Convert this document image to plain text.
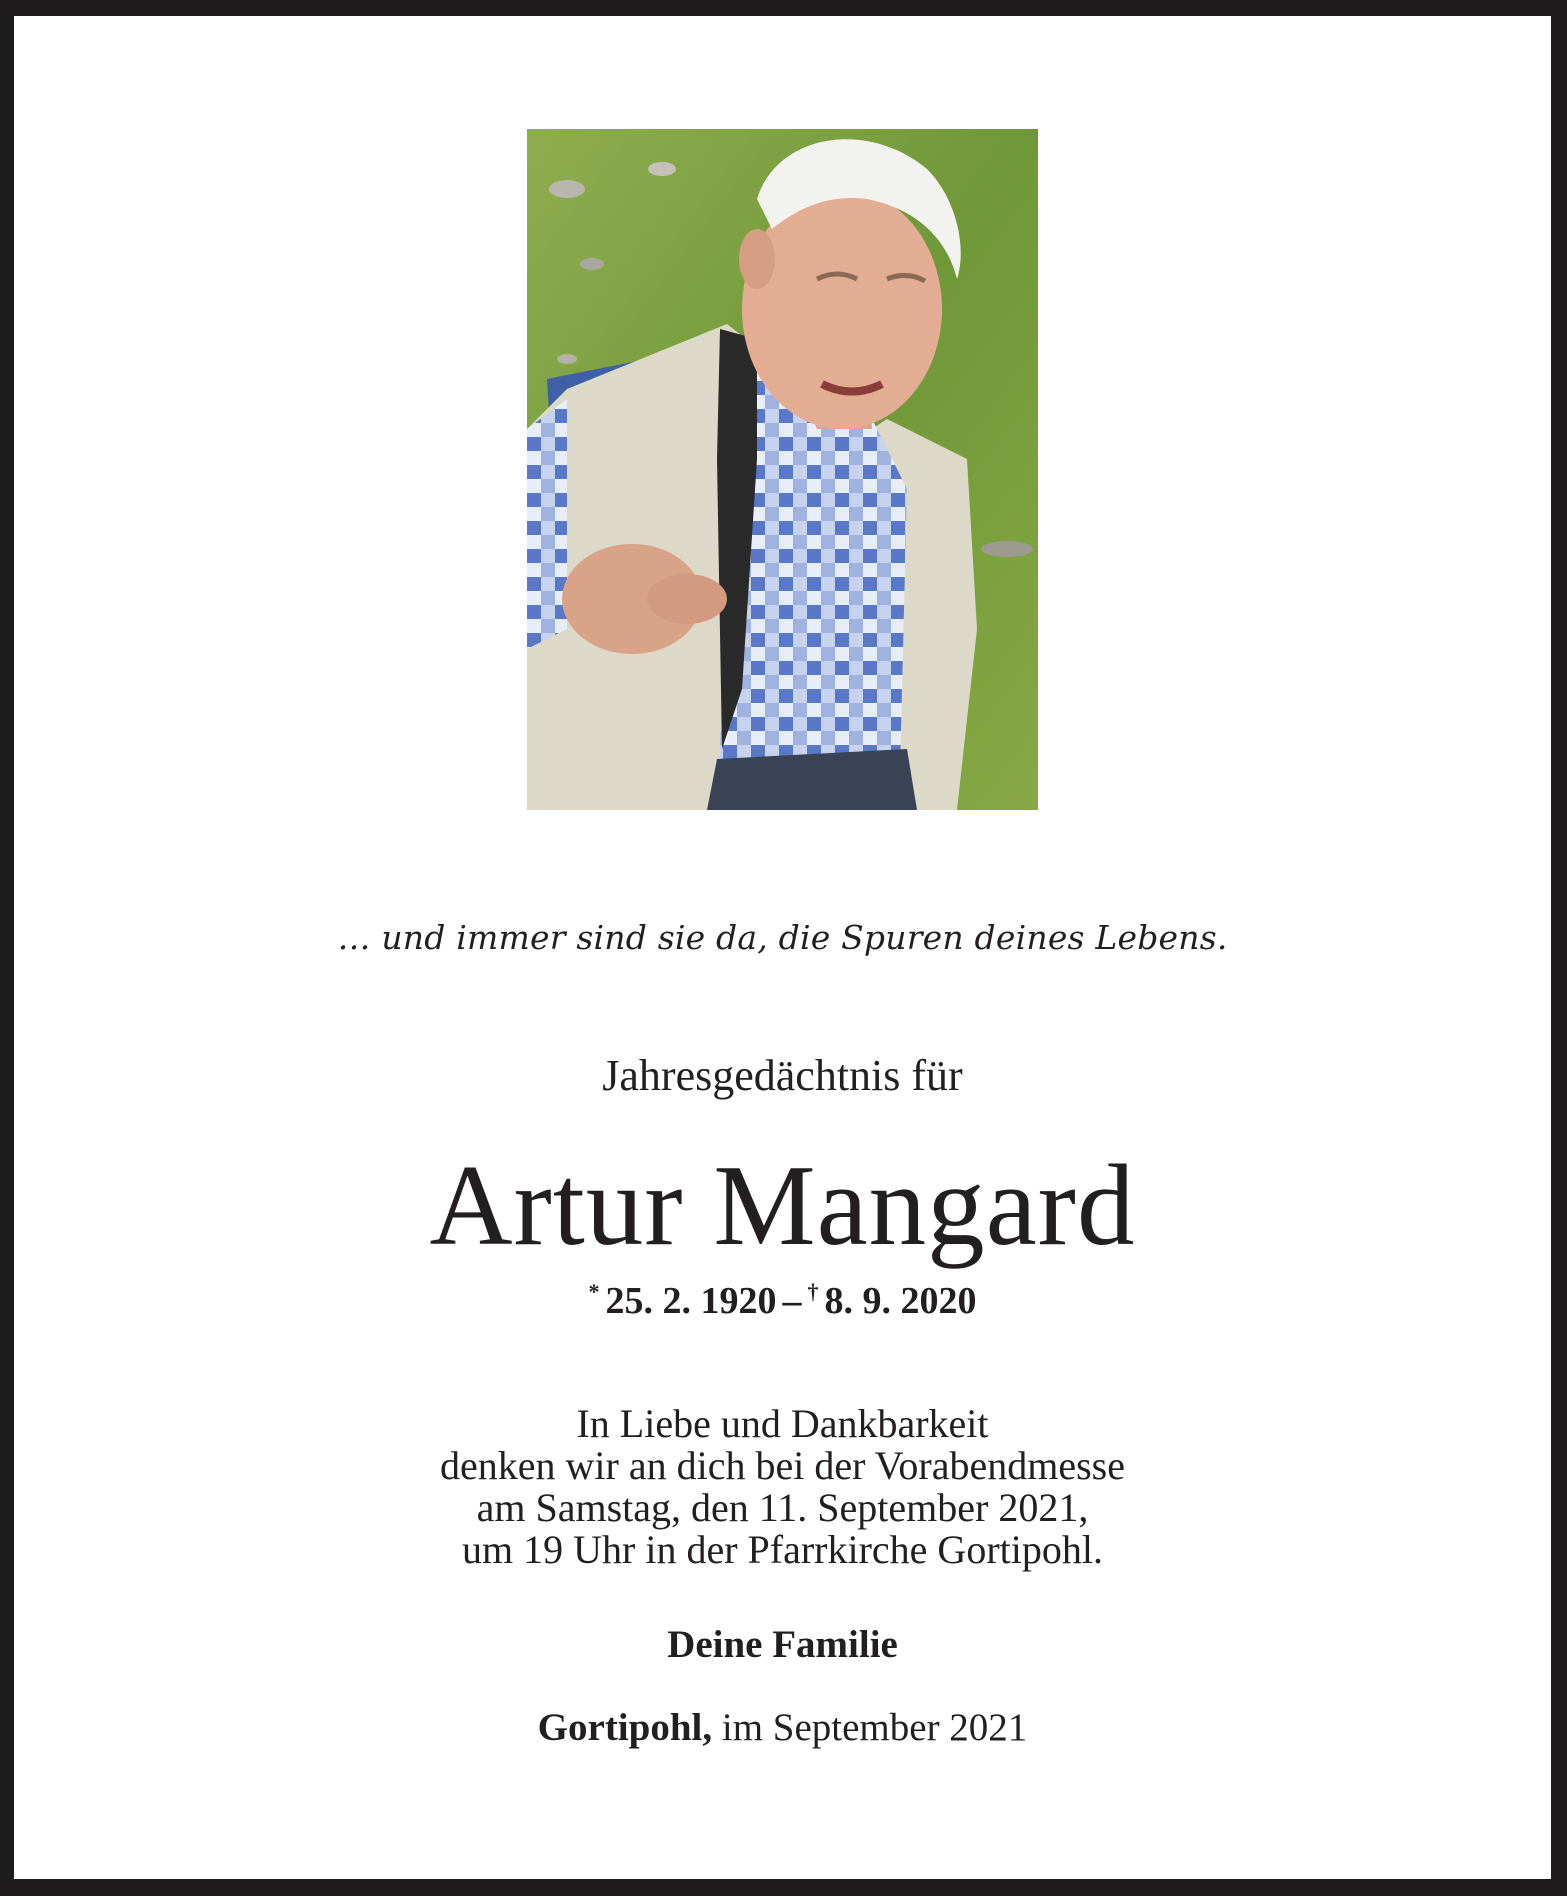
… und immer sind sie da, die Spuren deines Lebens.

Jahresgedächtnis für

Artur Mangard

* 25. 2. 1920 – † 8. 9. 2020

In Liebe und Dankbarkeit
denken wir an dich bei der Vorabendmesse
am Samstag, den 11. September 2021,
um 19 Uhr in der Pfarrkirche Gortipohl.

Deine Familie

Gortipohl, im September 2021
